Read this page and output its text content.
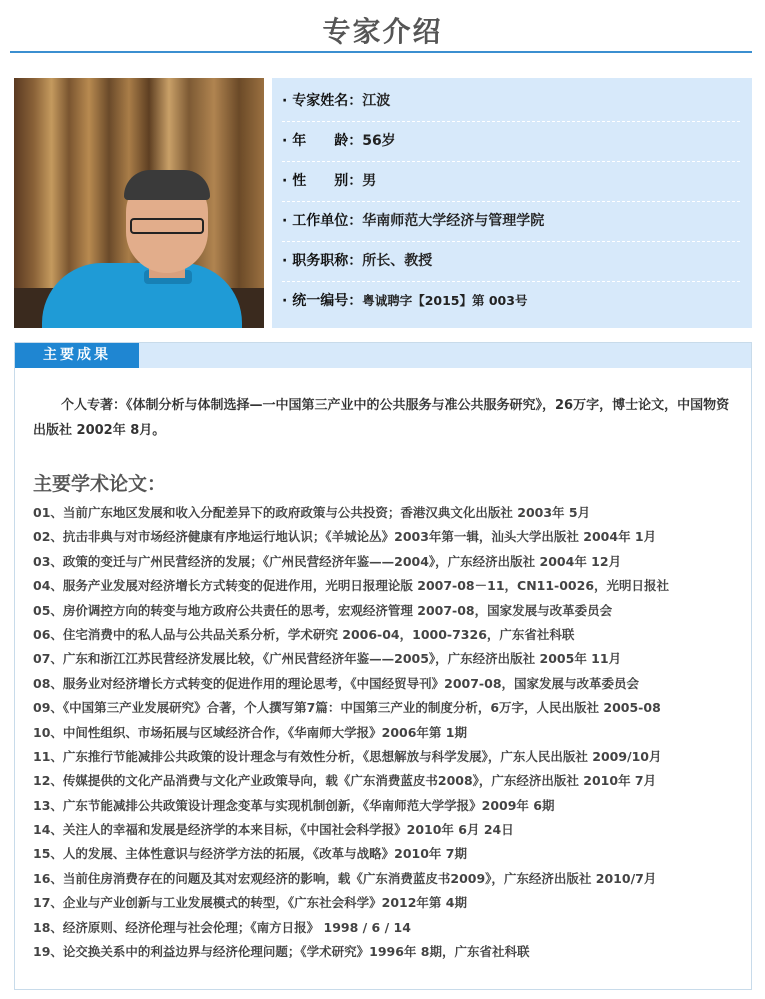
专家介绍
· 专家姓名：江波
· 年　　龄：56岁
· 性　　别：男
· 工作单位：华南师范大学经济与管理学院
· 职务职称：所长、教授
· 统一编号：粤诚聘字【2015】第 003号
主要成果
个人专著：《体制分析与体制选择—一中国第三产业中的公共服务与准公共服务研究》，26万字，博士论文，中国物资出版社 2002年 8月。
主要学术论文：
01、当前广东地区发展和收入分配差异下的政府政策与公共投资；香港汉典文化出版社 2003年 5月
02、抗击非典与对市场经济健康有序地运行地认识；《羊城论丛》2003年第一辑，汕头大学出版社 2004年 1月
03、政策的变迁与广州民营经济的发展；《广州民营经济年鉴——2004》，广东经济出版社 2004年 12月
04、服务产业发展对经济增长方式转变的促进作用，光明日报理论版 2007-08－11，CN11-0026，光明日报社
05、房价调控方向的转变与地方政府公共责任的思考，宏观经济管理 2007-08，国家发展与改革委员会
06、住宅消费中的私人品与公共品关系分析，学术研究 2006-04，1000-7326，广东省社科联
07、广东和浙江江苏民营经济发展比较，《广州民营经济年鉴——2005》，广东经济出版社 2005年 11月
08、服务业对经济增长方式转变的促进作用的理论思考，《中国经贸导刊》2007-08，国家发展与改革委员会
09、《中国第三产业发展研究》合著，个人撰写第7篇：中国第三产业的制度分析，6万字，人民出版社 2005-08
10、中间性组织、市场拓展与区域经济合作，《华南师大学报》2006年第 1期
11、广东推行节能减排公共政策的设计理念与有效性分析，《思想解放与科学发展》，广东人民出版社 2009/10月
12、传媒提供的文化产品消费与文化产业政策导向，载《广东消费蓝皮书2008》，广东经济出版社 2010年 7月
13、广东节能减排公共政策设计理念变革与实现机制创新，《华南师范大学学报》2009年 6期
14、关注人的幸福和发展是经济学的本来目标，《中国社会科学报》2010年 6月 24日
15、人的发展、主体性意识与经济学方法的拓展，《改革与战略》2010年 7期
16、当前住房消费存在的问题及其对宏观经济的影响，载《广东消费蓝皮书2009》，广东经济出版社 2010/7月
17、企业与产业创新与工业发展模式的转型，《广东社会科学》2012年第 4期
18、经济原则、经济伦理与社会伦理；《南方日报》 1998 / 6 / 14
19、论交换关系中的利益边界与经济伦理问题；《学术研究》1996年 8期，广东省社科联
